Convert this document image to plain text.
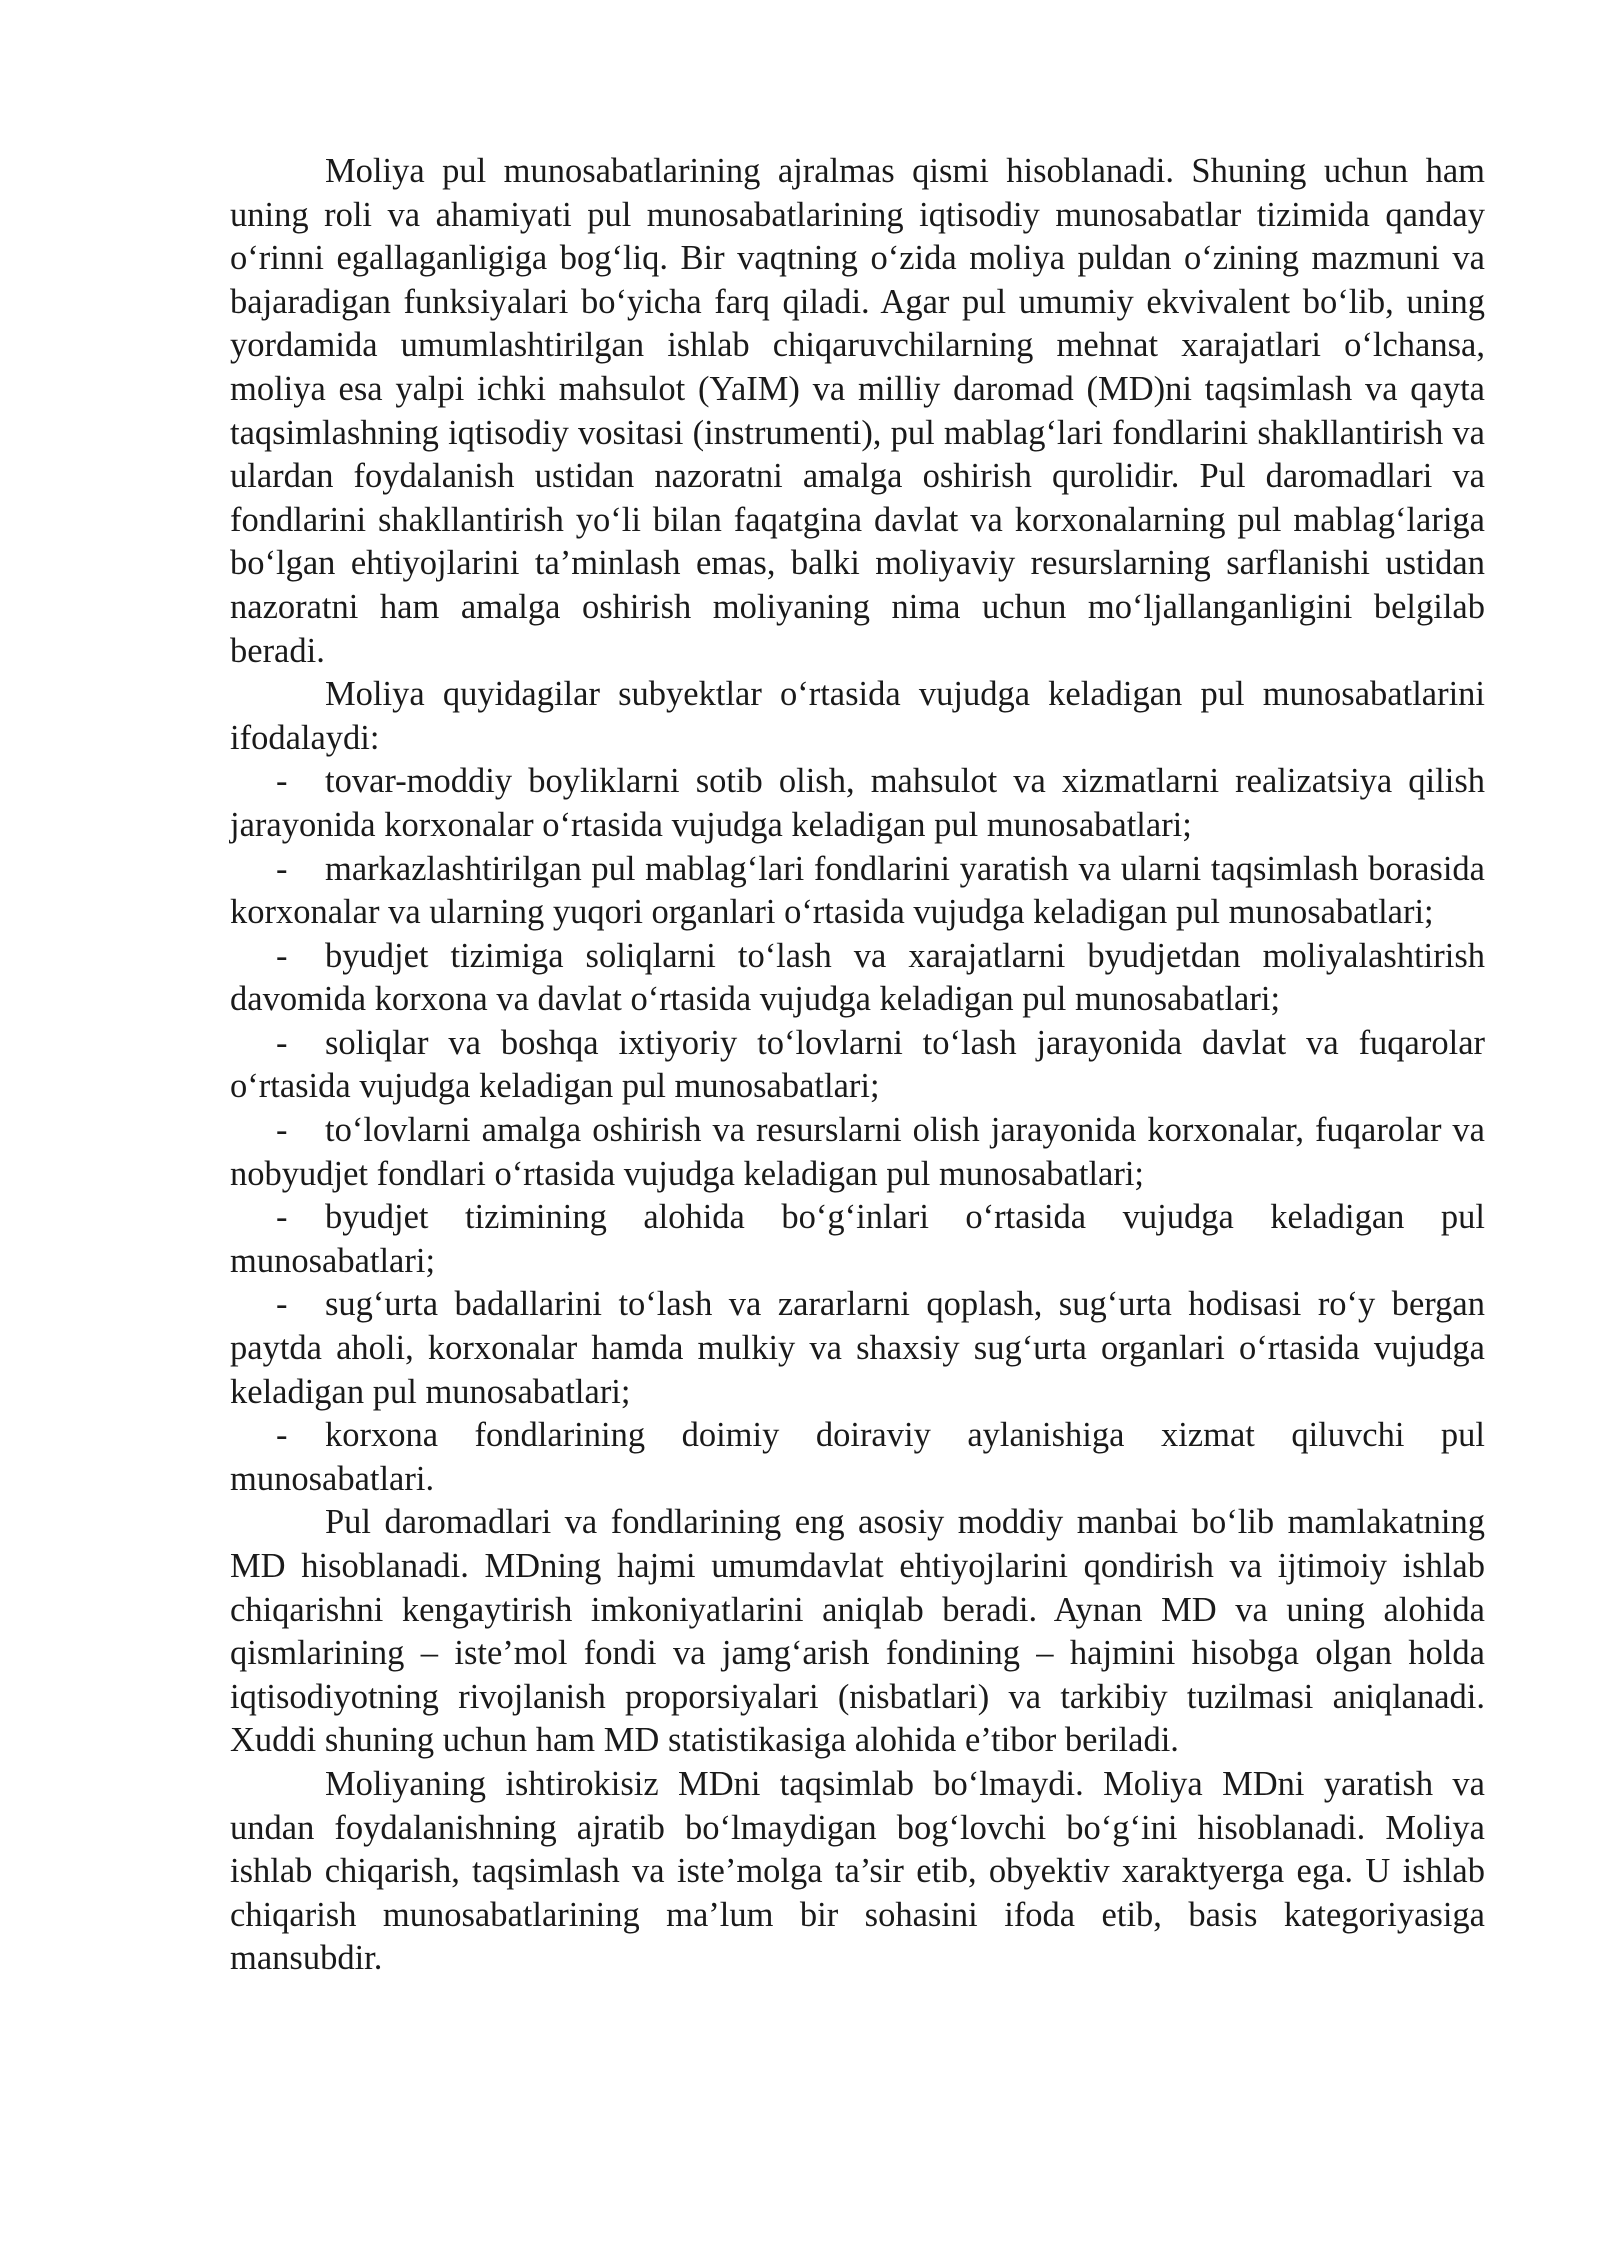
Moliya pul munosabatlarining ajralmas qismi hisoblanadi. Shuning uchun ham uning roli va ahamiyati pul munosabatlarining iqtisodiy munosabatlar tizimida qanday o‘rinni egallaganligiga bog‘liq. Bir vaqtning o‘zida moliya puldan o‘zining mazmuni va bajaradigan funksiyalari bo‘yicha farq qiladi. Agar pul umumiy ekvivalent bo‘lib, uning yordamida umumlashtirilgan ishlab chiqaruvchilarning mehnat xarajatlari o‘lchansa, moliya esa yalpi ichki mahsulot (YaIM) va milliy daromad (MD)ni taqsimlash va qayta taqsimlashning iqtisodiy vositasi (instrumenti), pul mablag‘lari fondlarini shakllantirish va ulardan foydalanish ustidan nazoratni amalga oshirish qurolidir. Pul daromadlari va fondlarini shakllantirish yo‘li bilan faqatgina davlat va korxonalarning pul mablag‘lariga bo‘lgan ehtiyojlarini ta’minlash emas, balki moliyaviy resurslarning sarflanishi ustidan nazoratni ham amalga oshirish moliyaning nima uchun mo‘ljallanganligini belgilab beradi.

Moliya quyidagilar subyektlar o‘rtasida vujudga keladigan pul munosabatlarini ifodalaydi:

- tovar-moddiy boyliklarni sotib olish, mahsulot va xizmatlarni realizatsiya qilish jarayonida korxonalar o‘rtasida vujudga keladigan pul munosabatlari;
- markazlashtirilgan pul mablag‘lari fondlarini yaratish va ularni taqsimlash borasida korxonalar va ularning yuqori organlari o‘rtasida vujudga keladigan pul munosabatlari;
- byudjet tizimiga soliqlarni to‘lash va xarajatlarni byudjetdan moliyalashtirish davomida korxona va davlat o‘rtasida vujudga keladigan pul munosabatlari;
- soliqlar va boshqa ixtiyoriy to‘lovlarni to‘lash jarayonida davlat va fuqarolar o‘rtasida vujudga keladigan pul munosabatlari;
- to‘lovlarni amalga oshirish va resurslarni olish jarayonida korxonalar, fuqarolar va nobyudjet fondlari o‘rtasida vujudga keladigan pul munosabatlari;
- byudjet tizimining alohida bo‘g‘inlari o‘rtasida vujudga keladigan pul munosabatlari;
- sug‘urta badallarini to‘lash va zararlarni qoplash, sug‘urta hodisasi ro‘y bergan paytda aholi, korxonalar hamda mulkiy va shaxsiy sug‘urta organlari o‘rtasida vujudga keladigan pul munosabatlari;
- korxona fondlarining doimiy doiraviy aylanishiga xizmat qiluvchi pul munosabatlari.

Pul daromadlari va fondlarining eng asosiy moddiy manbai bo‘lib mamlakatning MD hisoblanadi. MDning hajmi umumdavlat ehtiyojlarini qondirish va ijtimoiy ishlab chiqarishni kengaytirish imkoniyatlarini aniqlab beradi. Aynan MD va uning alohida qismlarining – iste’mol fondi va jamg‘arish fondining – hajmini hisobga olgan holda iqtisodiyotning rivojlanish proporsiyalari (nisbatlari) va tarkibiy tuzilmasi aniqlanadi. Xuddi shuning uchun ham MD statistikasiga alohida e’tibor beriladi.

Moliyaning ishtirokisiz MDni taqsimlab bo‘lmaydi. Moliya MDni yaratish va undan foydalanishning ajratib bo‘lmaydigan bog‘lovchi bo‘g‘ini hisoblanadi. Moliya ishlab chiqarish, taqsimlash va iste’molga ta’sir etib, obyektiv xaraktyerga ega. U ishlab chiqarish munosabatlarining ma’lum bir sohasini ifoda etib, basis kategoriyasiga mansubdir.
